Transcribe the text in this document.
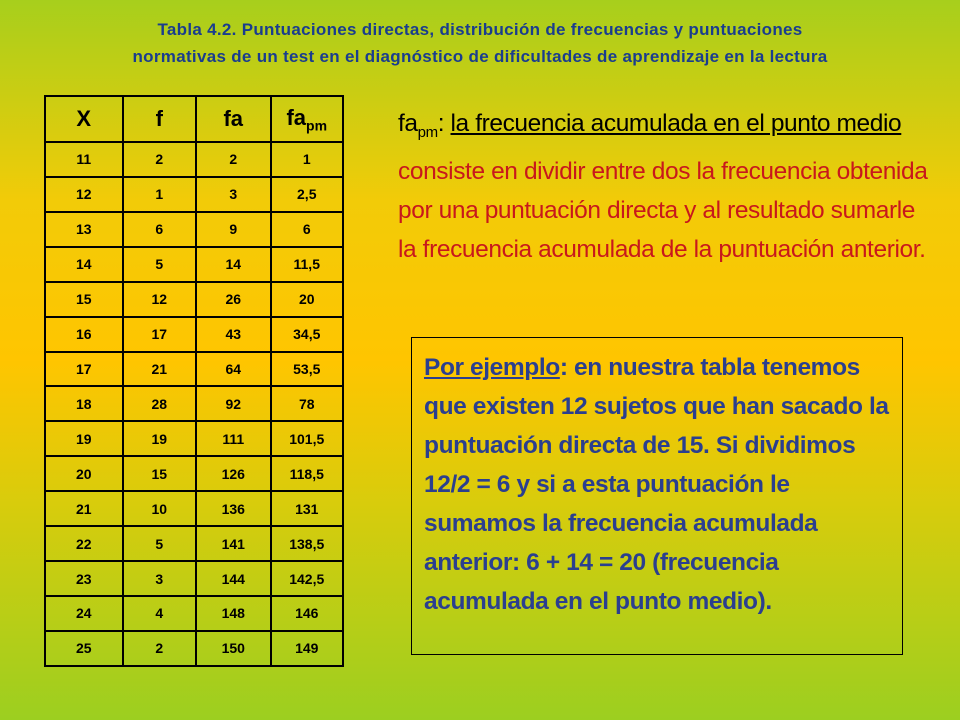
Tabla 4.2. Puntuaciones directas, distribución de frecuencias y puntuaciones
normativas de un test en el diagnóstico de dificultades de aprendizaje en la lectura
X	f	fa	$fa_{pm}$
11	2	2	1
12	1	3	2,5
13	6	9	6
14	5	14	11,5
15	12	26	20
16	17	43	34,5
17	21	64	53,5
18	28	92	78
19	19	111	101,5
20	15	126	118,5
21	10	136	131
22	5	141	138,5
23	3	144	142,5
24	4	148	146
25	2	150	149
$fa_{pm}$: la frecuencia acumulada en el punto medio consiste en dividir entre dos la frecuencia obtenida por una puntuación directa y al resultado sumarle la frecuencia acumulada de la puntuación anterior.
Por ejemplo: en nuestra tabla tenemos que existen 12 sujetos que han sacado la puntuación directa de 15. Si dividimos 12/2 = 6 y si a esta puntuación le sumamos la frecuencia acumulada anterior: 6 + 14 = 20 (frecuencia acumulada en el punto medio).
